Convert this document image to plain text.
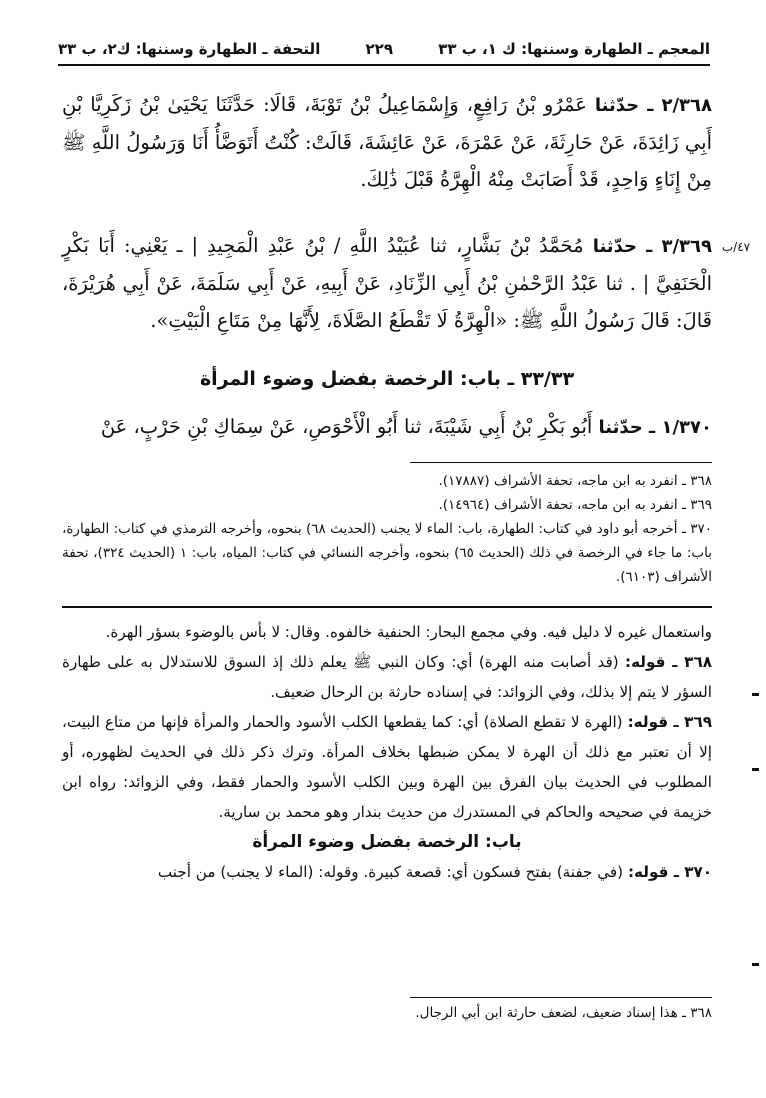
المعجم ـ الطهارة وسننها: ك ١، ب ٣٣
٢٢٩
التحفة ـ الطهارة وسننها: ك٢، ب ٣٣
٢/٣٦٨ ـ حدّثنا عَمْرُو بْنُ رَافِعٍ، وَإِسْمَاعِيلُ بْنُ تَوْبَةَ، قَالَا: حَدَّثَنَا يَحْيَىٰ بْنُ زَكَرِيَّا بْنِ أَبِي زَائِدَةَ، عَنْ حَارِثَةَ، عَنْ عَمْرَةَ، عَنْ عَائِشَةَ، قَالَتْ: كُنْتُ أَتَوَضَّأُ أَنَا وَرَسُولُ اللَّهِ ﷺ مِنْ إِنَاءٍ وَاحِدٍ، قَدْ أَصَابَتْ مِنْهُ الْهِرَّةُ قَبْلَ ذَٰلِكَ.
٣/٣٦٩ ـ حدّثنا مُحَمَّدُ بْنُ بَشَّارٍ، ثنا عُبَيْدُ اللَّهِ / بْنُ عَبْدِ الْمَجِيدِ | ـ يَعْنِي: أَبَا بَكْرٍ الْحَنَفِيَّ | . ثنا عَبْدُ الرَّحْمٰنِ بْنُ أَبِي الزِّنَادِ، عَنْ أَبِيهِ، عَنْ أَبِي سَلَمَةَ، عَنْ أَبِي هُرَيْرَةَ، قَالَ: قَالَ رَسُولُ اللَّهِ ﷺ: «الْهِرَّةُ لَا تَقْطَعُ الصَّلَاةَ، لِأَنَّهَا مِنْ مَتَاعِ الْبَيْتِ».
٤٧/ب
٣٣/٣٣ ـ باب: الرخصة بفضل وضوء المرأة
١/٣٧٠ ـ حدّثنا أَبُو بَكْرِ بْنُ أَبِي شَيْبَةَ، ثنا أَبُو الْأَحْوَصِ، عَنْ سِمَاكِ بْنِ حَرْبٍ، عَنْ

٣٦٨ ـ انفرد به ابن ماجه، تحفة الأشراف (١٧٨٨٧).

٣٦٩ ـ انفرد به ابن ماجه، تحفة الأشراف (١٤٩٦٤).

٣٧٠ ـ أخرجه أبو داود في كتاب: الطهارة، باب: الماء لا يجنب (الحديث ٦٨) بنحوه، وأخرجه الترمذي في كتاب: الطهارة، باب: ما جاء في الرخصة في ذلك (الحديث ٦٥) بنحوه، وأخرجه النسائي في كتاب: المياه، باب: ١ (الحديث ٣٢٤)، تحفة الأشراف (٦١٠٣).

واستعمال غيره لا دليل فيه. وفي مجمع البحار: الحنفية خالفوه. وقال: لا بأس بالوضوء بسؤر الهرة.

٣٦٨ ـ قوله: (قد أصابت منه الهرة) أي: وكان النبي ﷺ يعلم ذلك إذ السوق للاستدلال به على طهارة السؤر لا يتم إلا بذلك، وفي الزوائد: في إسناده حارثة بن الرحال ضعيف.

٣٦٩ ـ قوله: (الهرة لا تقطع الصلاة) أي: كما يقطعها الكلب الأسود والحمار والمرأة فإنها من متاع البيت، إلا أن تعتبر مع ذلك أن الهرة لا يمكن ضبطها بخلاف المرأة. وترك ذكر ذلك في الحديث لظهوره، أو المطلوب في الحديث بيان الفرق بين الهرة وبين الكلب الأسود والحمار فقط، وفي الزوائد: رواه ابن خزيمة في صحيحه والحاكم في المستدرك من حديث بندار وهو محمد بن سارية.

باب: الرخصة بفضل وضوء المرأة

٣٧٠ ـ قوله: (في جفنة) بفتح فسكون أي: قصعة كبيرة. وقوله: (الماء لا يجنب) من أجنب

٣٦٨ ـ هذا إسناد ضعيف، لضعف حارثة ابن أبي الرجال.
